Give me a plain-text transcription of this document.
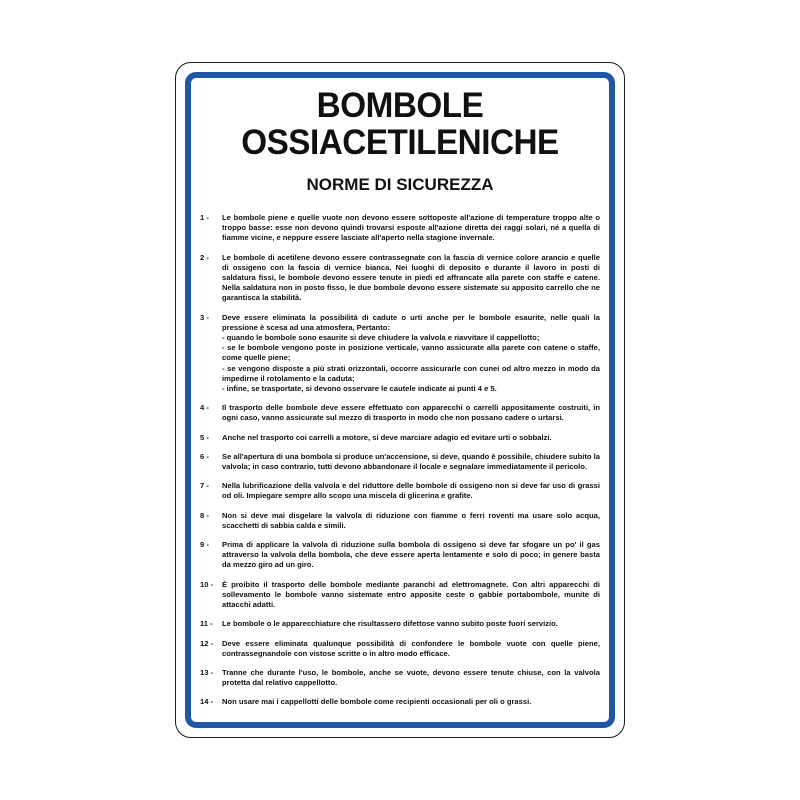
BOMBOLE
OSSIACETILENICHE
NORME DI SICUREZZA
1 -	Le bombole piene e quelle vuote non devono essere sottoposte all'azione di temperature troppo alte o troppo basse: esse non devono quindi trovarsi esposte all'azione diretta dei raggi solari, né a quella di fiamme vicine, e neppure essere lasciate all'aperto nella stagione invernale.
2 -	Le bombole di acetilene devono essere contrassegnate con la fascia di vernice colore arancio e quelle di ossigeno con la fascia di vernice bianca. Nei luoghi di deposito e durante il lavoro in posti di saldatura fissi, le bombole devono essere tenute in piedi ed affrancate alla parete con staffe e catene. Nella saldatura non in posto fisso, le due bombole devono essere sistemate su apposito carrello che ne garantisca la stabilità.
3 -	Deve essere eliminata la possibilità di cadute o urti anche per le bombole esaurite, nelle quali la pressione è scesa ad una atmosfera, Pertanto:
- quando le bombole sono esaurite si deve chiudere la valvola e riavvitare il cappellotto;
- se le bombole vengono poste in posizione verticale, vanno assicurate alla parete con catene o staffe, come quelle piene;
- se vengono disposte a più strati orizzontali, occorre assicurarle con cunei od altro mezzo in modo da impedirne il rotolamento e la caduta;
- infine, se trasportate, si devono osservare le cautele indicate ai punti 4 e 5.
4 -	Il trasporto delle bombole deve essere effettuato con apparecchi o carrelli appositamente costruiti, in ogni caso, vanno assicurate sul mezzo di trasporto in modo che non possano cadere o urtarsi.
5 -	Anche nel trasporto coi carrelli a motore, si deve marciare adagio ed evitare urti o sobbalzi.
6 -	Se all'apertura di una bombola si produce un'accensione, si deve, quando è possibile, chiudere subito la valvola; in caso contrario, tutti devono abbandonare il locale e segnalare immediatamente il pericolo.
7 -	Nella lubrificazione della valvola e del riduttore delle bombole di ossigeno non si deve far uso di grassi od oli. Impiegare sempre allo scopo una miscela di glicerina e grafite.
8 -	Non si deve mai disgelare la valvola di riduzione con fiamme o ferri roventi ma usare solo acqua, scacchetti di sabbia calda e simili.
9 -	Prima di applicare la valvola di riduzione sulla bombola di ossigeno si deve far sfogare un po' il gas attraverso la valvola della bombola, che deve essere aperta lentamente e solo di poco; in genere basta da mezzo giro ad un giro.
10 -	È proibito il trasporto delle bombole mediante paranchi ad elettromagnete. Con altri apparecchi di sollevamento le bombole vanno sistemate entro apposite ceste o gabbie portabombole, munite di attacchi adatti.
11 -	Le bombole o le apparecchiature che risultassero difettose vanno subito poste fuori servizio.
12 -	Deve essere eliminata qualunque possibilità di confondere le bombole vuote con quelle piene, contrassegnandole con vistose scritte o in altro modo efficace.
13 -	Tranne che durante l'uso, le bombole, anche se vuote, devono essere tenute chiuse, con la valvola protetta dal relativo cappellotto.
14 -	Non usare mai i cappellotti delle bombole come recipienti occasionali per oli o grassi.
